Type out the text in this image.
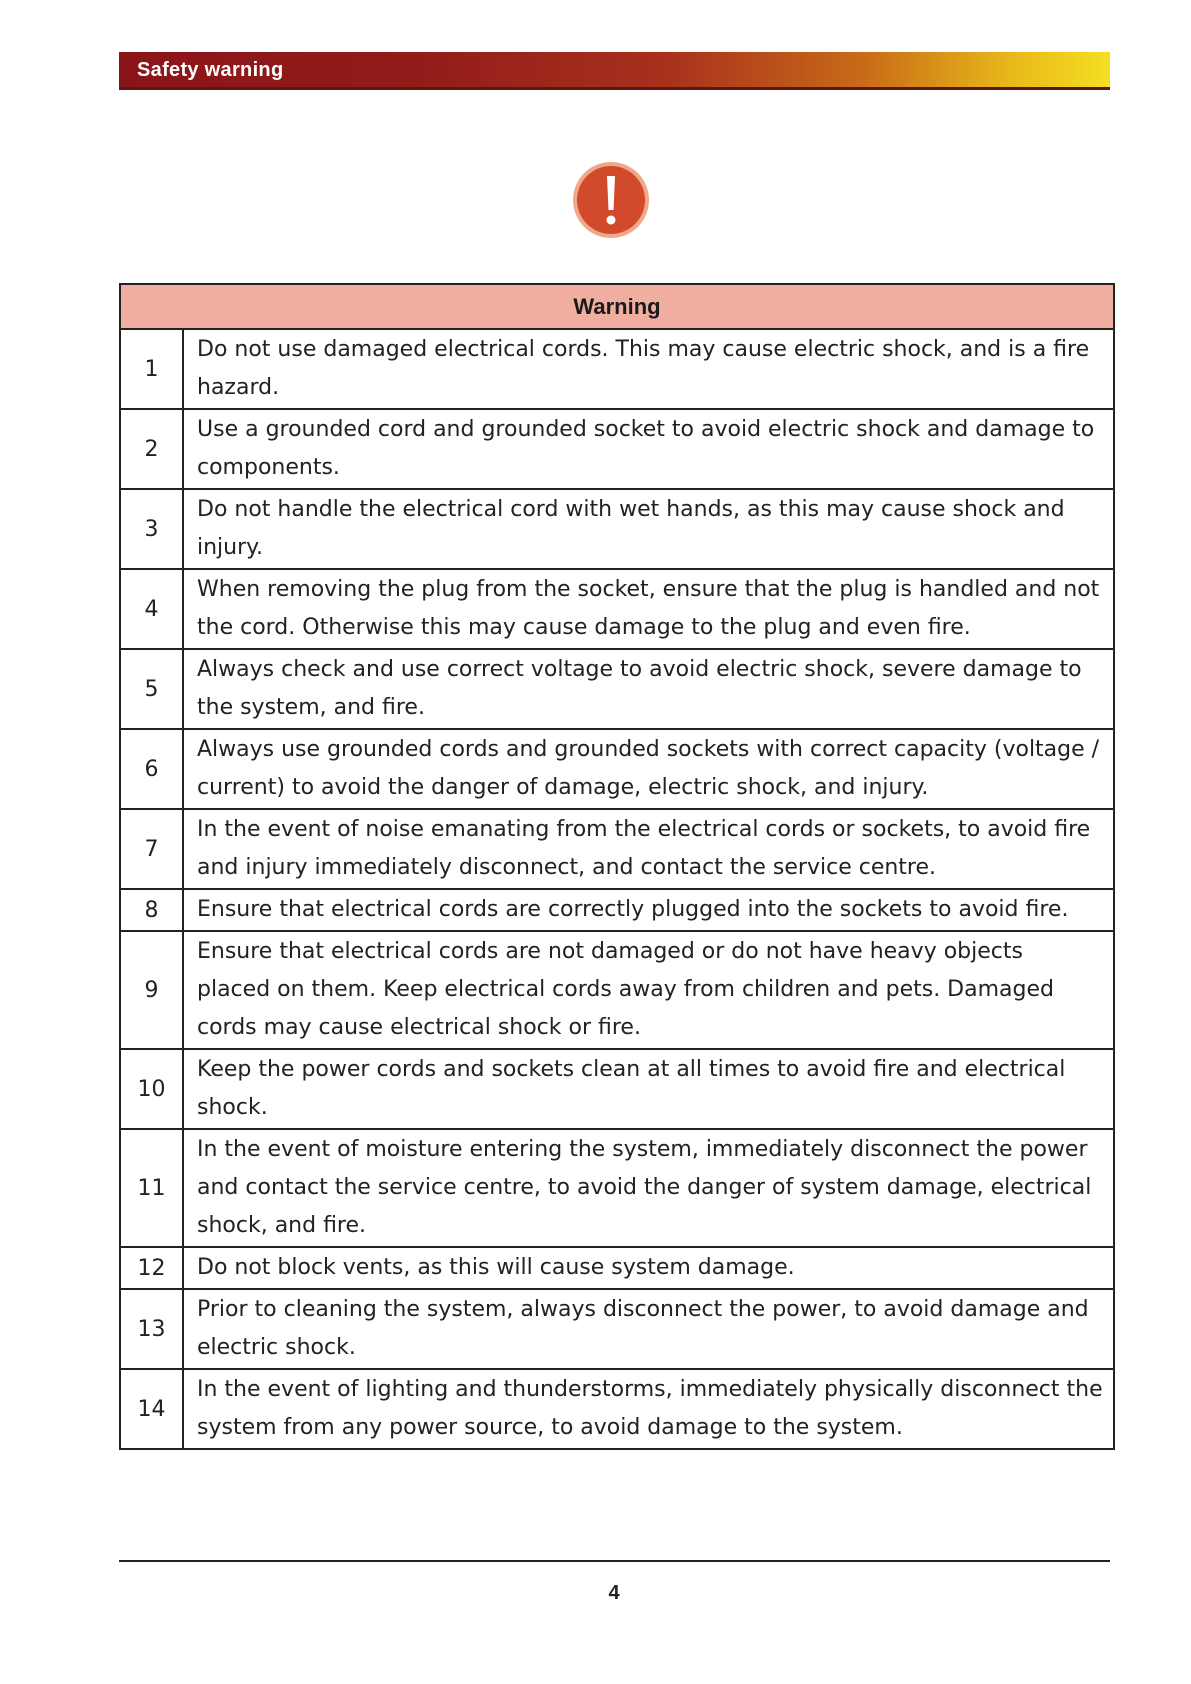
Safety warning
Warning	
1	Do not use damaged electrical cords. This may cause electric shock, and is a fire hazard.
2	Use a grounded cord and grounded socket to avoid electric shock and damage to components.
3	Do not handle the electrical cord with wet hands, as this may cause shock and injury.
4	When removing the plug from the socket, ensure that the plug is handled and not the cord. Otherwise this may cause damage to the plug and even fire.
5	Always check and use correct voltage to avoid electric shock, severe damage to the system, and fire.
6	Always use grounded cords and grounded sockets with correct capacity (voltage / current) to avoid the danger of damage, electric shock, and injury.
7	In the event of noise emanating from the electrical cords or sockets, to avoid fire and injury immediately disconnect, and contact the service centre.
8	Ensure that electrical cords are correctly plugged into the sockets to avoid fire.
9	Ensure that electrical cords are not damaged or do not have heavy objects placed on them. Keep electrical cords away from children and pets. Damaged cords may cause electrical shock or fire.
10	Keep the power cords and sockets clean at all times to avoid fire and electrical shock.
11	In the event of moisture entering the system, immediately disconnect the power and contact the service centre, to avoid the danger of system damage, electrical shock, and fire.
12	Do not block vents, as this will cause system damage.
13	Prior to cleaning the system, always disconnect the power, to avoid damage and electric shock.
14	In the event of lighting and thunderstorms, immediately physically disconnect the system from any power source, to avoid damage to the system.
4
